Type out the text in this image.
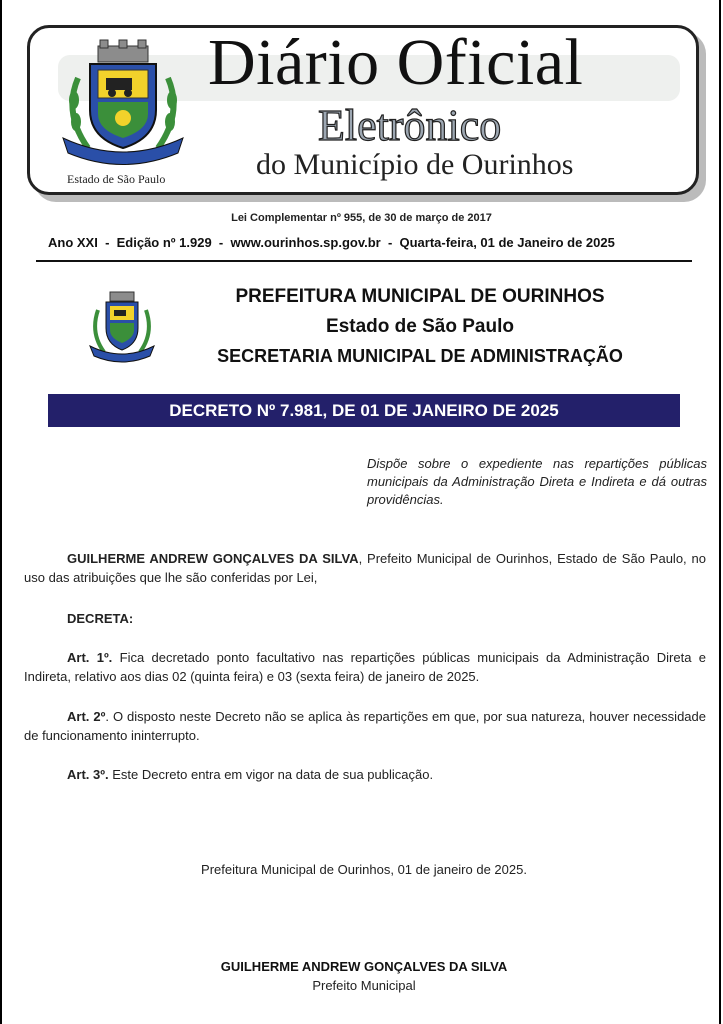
Estado de São Paulo
Diário Oficial
Eletrônico
do Município de Ourinhos
Lei Complementar nº 955, de 30 de março de 2017
Ano XXI  -  Edição nº 1.929  -  www.ourinhos.sp.gov.br  -  Quarta-feira, 01 de Janeiro de 2025
PREFEITURA MUNICIPAL DE OURINHOS
Estado de São Paulo
SECRETARIA MUNICIPAL DE ADMINISTRAÇÃO
DECRETO Nº 7.981, DE 01 DE JANEIRO DE 2025
Dispõe sobre o expediente nas repartições públicas municipais da Administração Direta e Indireta e dá outras providências.
GUILHERME ANDREW GONÇALVES DA SILVA, Prefeito Municipal de Ourinhos, Estado de São Paulo, no uso das atribuições que lhe são conferidas por Lei,
DECRETA:
Art. 1º. Fica decretado ponto facultativo nas repartições públicas municipais da Administração Direta e Indireta, relativo aos dias 02 (quinta feira) e 03 (sexta feira) de janeiro de 2025.
Art. 2º. O disposto neste Decreto não se aplica às repartições em que, por sua natureza, houver necessidade de funcionamento ininterrupto.
Art. 3º. Este Decreto entra em vigor na data de sua publicação.
Prefeitura Municipal de Ourinhos, 01 de janeiro de 2025.
GUILHERME ANDREW GONÇALVES DA SILVA
Prefeito Municipal
